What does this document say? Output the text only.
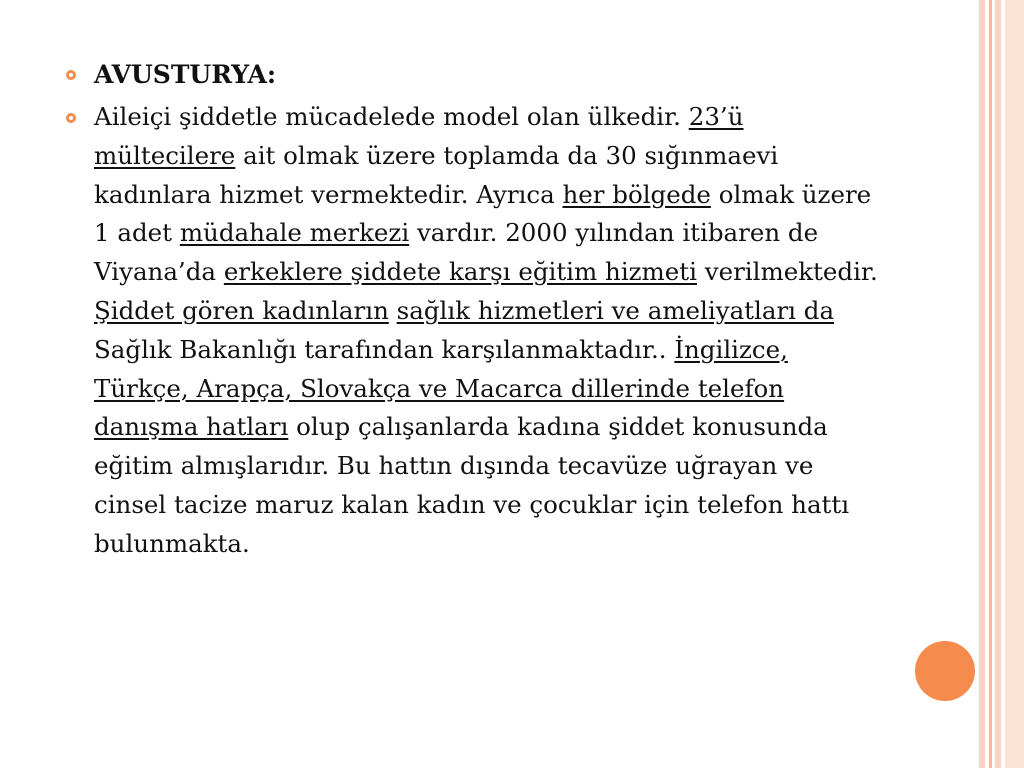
AVUSTURYA:
Aileiçi şiddetle mücadelede model olan ülkedir. 23’ü mültecilere ait olmak üzere toplamda da 30 sığınmaevi kadınlara hizmet vermektedir. Ayrıca her bölgede olmak üzere 1 adet müdahale merkezi vardır. 2000 yılından itibaren de Viyana’da erkeklere şiddete karşı eğitim hizmeti verilmektedir. Şiddet gören kadınların sağlık hizmetleri ve ameliyatları da Sağlık Bakanlığı tarafından karşılanmaktadır.. İngilizce, Türkçe, Arapça, Slovakça ve Macarca dillerinde telefon danışma hatları olup çalışanlarda kadına şiddet konusunda eğitim almışlarıdır. Bu hattın dışında tecavüze uğrayan ve cinsel tacize maruz kalan kadın ve çocuklar için telefon hattı bulunmakta.
